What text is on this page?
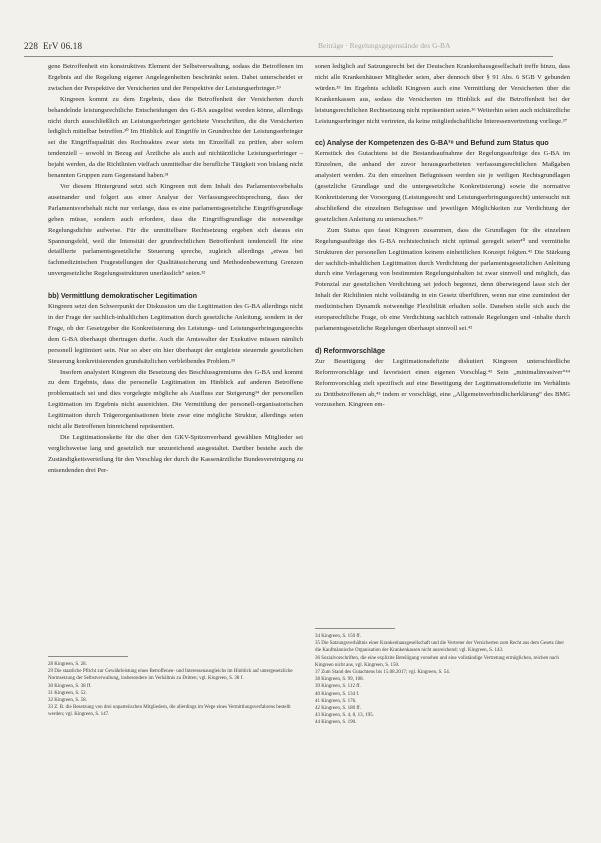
228 ErV 06.18	Beiträge · Regelungsgegenstände des G-BA

gene Betroffenheit ein konstruktives Element der Selbstverwaltung, sodass die Betroffenen im Ergebnis auf die Regelung eigener Angelegenheiten beschränkt seien. Dabei unterscheidet er zwischen der Perspektive der Versicherten und der Perspektive der Leistungserbringer.²⁹

Kingreen kommt zu dem Ergebnis, dass die Betroffenheit der Versicherten durch behandelnde leistungsrechtliche Entscheidungen des G-BA ausgelöst werden könne, allerdings nicht durch ausschließlich an Leistungserbringer gerichtete Vorschriften, die die Versicherten lediglich mittelbar betreffen.³⁰ Im Hinblick auf Eingriffe in Grundrechte der Leistungserbringer sei die Eingriffsqualität des Rechtsaktes zwar stets im Einzelfall zu prüfen, aber sofern tendenziell – sowohl in Bezug auf Ärztliche als auch auf nichtärztliche Leistungserbringer – bejaht werden, da die Richtlinien vielfach unmittelbar die berufliche Tätigkeit von bislang nicht benannten Gruppen zum Gegenstand haben.³¹

Vor diesem Hintergrund setzt sich Kingreen mit dem Inhalt des Parlamentsvorbehalts auseinander und folgert aus einer Analyse der Verfassungsrechtsprechung, dass der Parlamentsvorbehalt nicht nur verlange, dass es eine parlamentsgesetzliche Eingriffsgrundlage geben müsse, sondern auch erfordere, dass die Eingriffsgrundlage die notwendige Regelungsdichte aufweise. Für die unmittelbare Rechtsetzung ergeben sich daraus ein Spannungsfeld, weil die Intensität der grundrechtlichen Betroffenheit tendenziell für eine detaillierte parlamentsgesetzliche Steuerung spreche, zugleich allerdings „etwas bei fachmedizinischen Fragestellungen der Qualitätssicherung und Methodenbewertung Grenzen unvergesetzliche Regelungsstrukturen unerlässlich“ seien.³²

bb) Vermittlung demokratischer Legitimation

Kingreen setzt den Schwerpunkt der Diskussion um die Legitimation des G-BA allerdings nicht in der Frage der sachlich-inhaltlichen Legitimation durch gesetzliche Anleitung, sondern in der Frage, ob der Gesetzgeber die Konkretisierung des Leistungs- und Leistungserbringungsrechts dem G-BA überhaupt übertragen durfte. Auch die Amtswalter der Exekutive müssen nämlich personell legitimiert sein. Nur so aber ein hier überhaupt der entgleiste steuernde gesetzlichen Steuerung konkretisierenden grundsätzlichen verbleibendes Problem.³³

Insofern analysiert Kingreen die Besetzung des Beschlussgremiums des G-BA und kommt zu dem Ergebnis, dass die personelle Legitimation im Hinblick auf anderen Betroffene problematisch sei und dies vorgelegte mögliche als Ausfluss zur Steigerung³⁴ der personellen Legitimation im Ergebnis nicht ausreichten. Die Vermittlung der personell-organisatorischen Legitimation durch Trägerorganisationen biete zwar eine mögliche Struktur, allerdings seien nicht alle Betroffenen hinreichend repräsentiert.

Die Legitimationskette für die über den GKV-Spitzenverband gewählten Mitglieder sei verglichsweise lang und gesetzlich nur unzureichend ausgestaltet. Darüber bestehe auch die Zuständigkeitsverteilung für den Vorschlag der durch die Kassenärztliche Bundesvereinigung zu entsendenden drei Per-

28 Kingreen, S. 28.
29 Die staatliche Pflicht zur Gewährleistung eines Betroffenen- und Interessenausgleichs im Hinblick auf untergesetzliche Normsetzung der Selbstverwaltung, insbesondere im Verhältnis zu Dritten; vgl. Kingreen, S. 38 f.
30 Kingreen, S. 38 ff.
31 Kingreen, S. 52.
32 Kingreen, S. 58.
33 Z. B. die Besetzung von drei unparteiischen Mitgliedern, die allerdings im Wege eines Vermittlungsverfahrens bestellt werden; vgl. Kingreen, S. 147.

sonen lediglich auf Satzungsrecht bei der Deutschen Krankenhausgesellschaft treffe hinzu, dass nicht alle Krankenhäuser Mitglieder seien, aber dennoch über § 91 Abs. 6 SGB V gebunden würden.³⁵ Im Ergebnis schließt Kingreen auch eine Vermittlung der Versicherten über die Krankenkassen aus, sodass die Versicherten im Hinblick auf die Betroffenheit bei der leistungsrechtlichen Rechtsetzung nicht repräsentiert seien.³⁶ Weiterhin seien auch nichtärztliche Leistungserbringer nicht vertreten, da keine mitgliedschaftliche Interessenvertretung vorliege.³⁷

cc) Analyse der Kompetenzen des G-BA³⁸ und Befund zum Status quo

Kernstück des Gutachtens ist die Bestandsaufnahme der Regelungsaufträge des G-BA im Einzelnen, die anhand der zuvor herausgearbeiteten verfassungsrechtlichen Maßgaben analysiert werden. Zu den einzelnen Befugnissen werden sie je weiligen Rechtsgrundlagen (gesetzliche Grundlage und die untergesetzliche Konkretisierung) sowie die normative Konkretisierung der Vorsorgung (Leistungsrecht und Leistungserbringungsrecht) untersucht mit abschließend die einzelnen Befugnisse und jeweiligen Möglichkeiten zur Verdichtung der gesetzlichen Anleitung zu untersuchen.³⁹

Zum Status quo fasst Kingreen zusammen, dass die Grundlagen für die einzelnen Regelungsaufträge des G-BA rechtstechnisch nicht optimal geregelt seien⁴⁰ und vermittelte Strukturen der personellen Legitimation keinem einheitlichen Konzept folgten.⁴¹ Die Stärkung der sachlich-inhaltlichen Legitimation durch Verdichtung der parlamentsgesetzlichen Anleitung durch eine Verlagerung von bestimmten Regelungsinhalten ist zwar sinnvoll und möglich, das Potenzial zur gesetzlichen Verdichtung sei jedoch begrenzt, denn überwiegend lasse sich der Inhalt der Richtlinien nicht vollständig in ein Gesetz überführen, wenn nur eine zumindest der medizinischen Dynamik notwendige Flexibilität erhalten solle. Daneben stelle sich auch die europarechtliche Frage, ob eine Verdichtung sachlich rationale Regelungen und -inhalte durch parlamentsgesetzliche Regelungen überhaupt sinnvoll sei.⁴²

d) Reformvorschläge

Zur Beseitigung der Legitimationsdefizite diskutiert Kingreen unterschiedliche Reformvorschläge und favorisiert einen eigenen Vorschlag.⁴³ Sein „minimalinvasiver“⁴⁴ Reformvorschlag zielt spezifisch auf eine Beseitigung der Legitimationsdefizite im Verhältnis zu Drittbetroffenen ab,⁴⁵ indem er vorschlägt, eine „Allgemeinverbindlicherklärung“ des BMG vorzusehen. Kingreen em-

34 Kingreen, S. 150 ff.
35 Die Satzungsverhältnis einer Krankenhausgesellschaft und die Vertreter der Versicherten zum Recht aus dem Gesetz über die Kaufmännische Organisation der Krankenkassen nicht ausreichend; vgl. Kingreen, S. 143.
36 Sozialvorschriften, die eine explizite Beteiligung vorsehen und eine vollständige Vertretung ermöglichen, reichen nach Kingreen nicht aus, vgl. Kingreen, S. 150.
37 Zum Stand des Gutachtens bis 15.08.2017; vgl. Kingreen, S. 54.
38 Kingreen, S. 99, 108.
39 Kingreen, S. 112 ff.
40 Kingreen, S. 134 f.
41 Kingreen, S. 176.
42 Kingreen, S. 180 ff.
43 Kingreen, S. 4, 8, 13, 195.
44 Kingreen, S. 190.
